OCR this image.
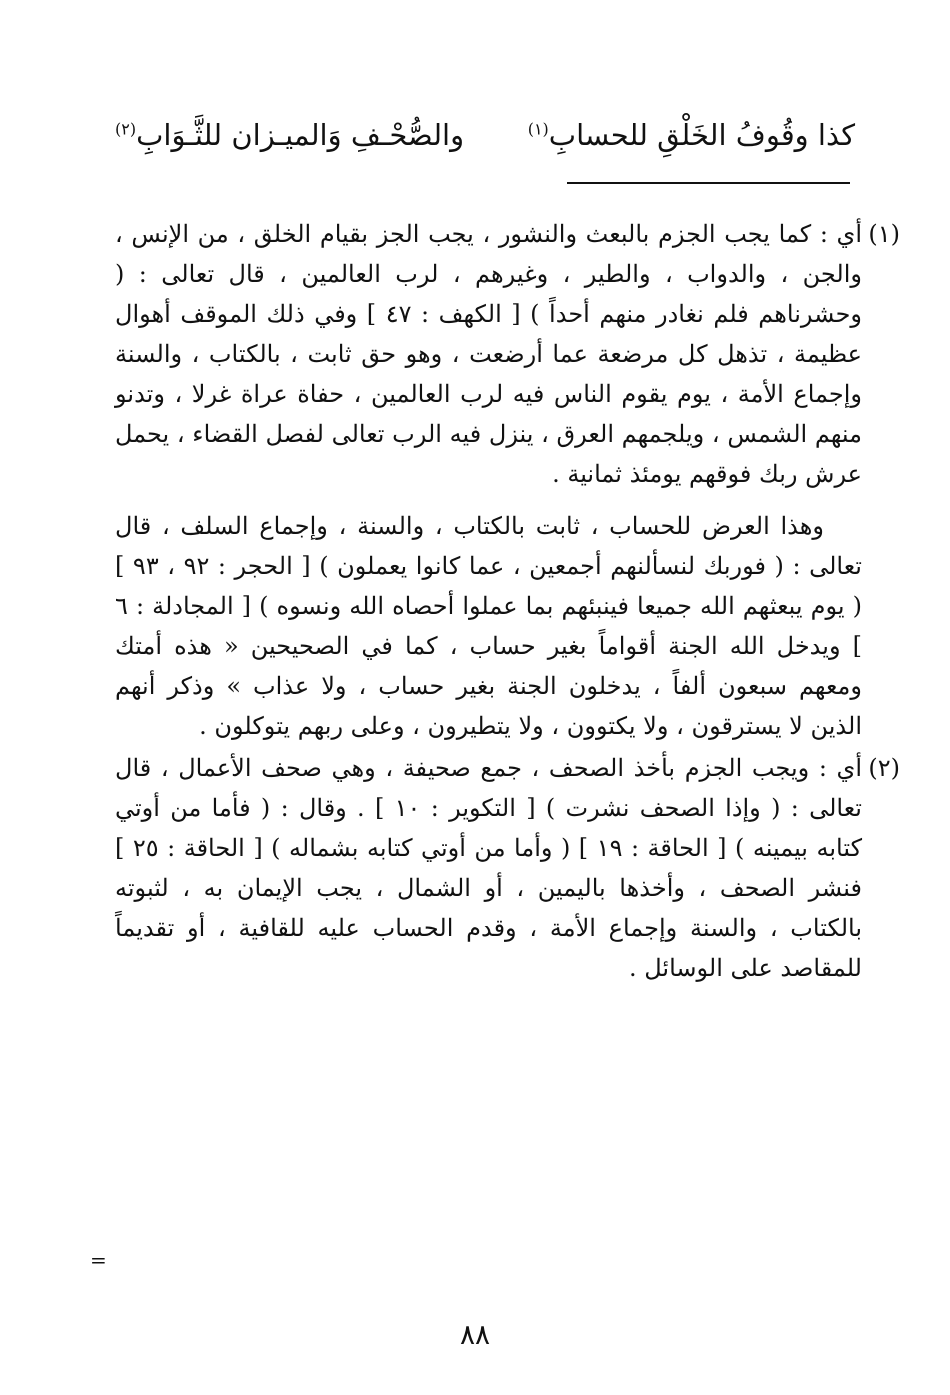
كذا وقُوفُ الخَلْقِ للحسابِ$^{(١)}$
والصُّحْـفِ وَالميـزان للثَّـوَابِ$^{(٢)}$
(١)

أي : كما يجب الجزم بالبعث والنشور ، يجب الجز بقيام الخلق ، من الإنس ، والجن ، والدواب ، والطير ، وغيرهم ، لرب العالمين ، قال تعالى : ( وحشرناهم فلم نغادر منهم أحداً ) [ الكهف : ٤٧ ] وفي ذلك الموقف أهوال عظيمة ، تذهل كل مرضعة عما أرضعت ، وهو حق ثابت ، بالكتاب ، والسنة وإجماع الأمة ، يوم يقوم الناس فيه لرب العالمين ، حفاة عراة غرلا ، وتدنو منهم الشمس ، ويلجمهم العرق ، ينزل فيه الرب تعالى لفصل القضاء ، يحمل عرش ربك فوقهم يومئذ ثمانية .

وهذا العرض للحساب ، ثابت بالكتاب ، والسنة ، وإجماع السلف ، قال تعالى : ( فوربك لنسألنهم أجمعين ، عما كانوا يعملون ) [ الحجر : ٩٢ ، ٩٣ ] ( يوم يبعثهم الله جميعا فينبئهم بما عملوا أحصاه الله ونسوه ) [ المجادلة : ٦ ] ويدخل الله الجنة أقواماً بغير حساب ، كما في الصحيحين « هذه أمتك ومعهم سبعون ألفاً ، يدخلون الجنة بغير حساب ، ولا عذاب » وذكر أنهم الذين لا يسترقون ، ولا يكتوون ، ولا يتطيرون ، وعلى ربهم يتوكلون .

(٢)

أي : ويجب الجزم بأخذ الصحف ، جمع صحيفة ، وهي صحف الأعمال ، قال تعالى : ( وإذا الصحف نشرت ) [ التكوير : ١٠ ] . وقال : ( فأما من أوتي كتابه بيمينه ) [ الحاقة : ١٩ ] ( وأما من أوتي كتابه بشماله ) [ الحاقة : ٢٥ ] فنشر الصحف ، وأخذها باليمين ، أو الشمال ، يجب الإيمان به ، لثبوته بالكتاب ، والسنة وإجماع الأمة ، وقدم الحساب عليه للقافية ، أو تقديماً للمقاصد على الوسائل .

=
٨٨
